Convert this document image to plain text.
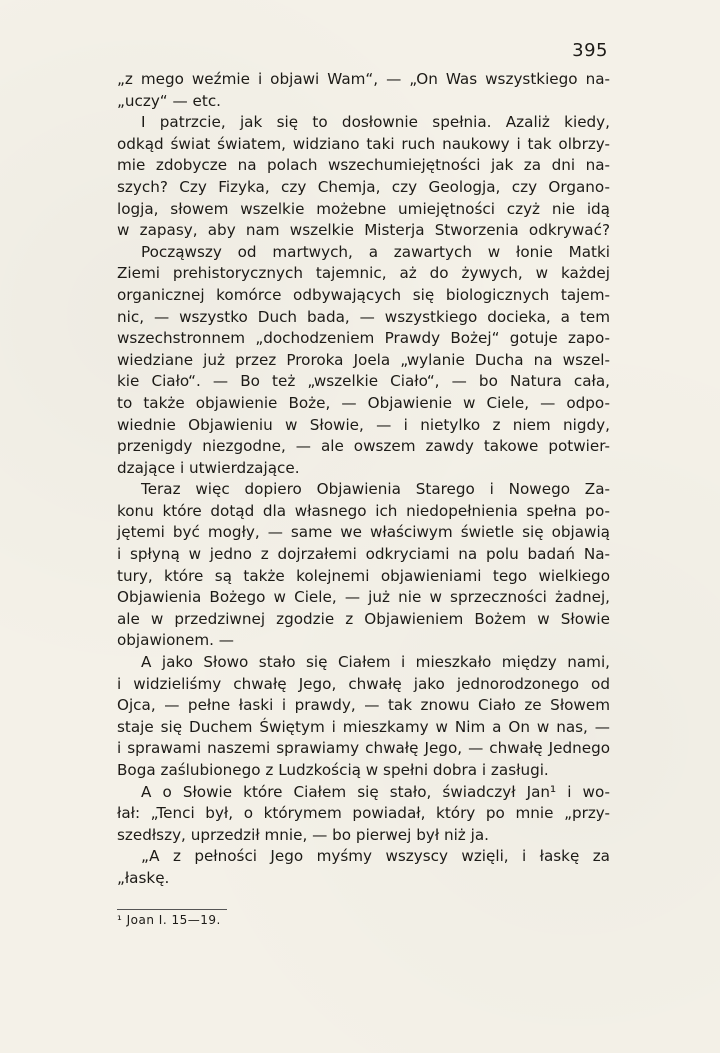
395
„z mego weźmie i objawi Wam“, — „On Was wszystkiego na-
„uczy“ — etc.
I patrzcie, jak się to dosłownie spełnia. Azaliż kiedy,
odkąd świat światem, widziano taki ruch naukowy i tak olbrzy-
mie zdobycze na polach wszechumiejętności jak za dni na-
szych? Czy Fizyka, czy Chemja, czy Geologja, czy Organo-
logja, słowem wszelkie możebne umiejętności czyż nie idą
w zapasy, aby nam wszelkie Misterja Stworzenia odkrywać?
Począwszy od martwych, a zawartych w łonie Matki
Ziemi prehistorycznych tajemnic, aż do żywych, w każdej
organicznej komórce odbywających się biologicznych tajem-
nic, — wszystko Duch bada, — wszystkiego docieka, a tem
wszechstronnem „dochodzeniem Prawdy Bożej“ gotuje zapo-
wiedziane już przez Proroka Joela „wylanie Ducha na wszel-
kie Ciało“. — Bo też „wszelkie Ciało“, — bo Natura cała,
to także objawienie Boże, — Objawienie w Ciele, — odpo-
wiednie Objawieniu w Słowie, — i nietylko z niem nigdy,
przenigdy niezgodne, — ale owszem zawdy takowe potwier-
dzające i utwierdzające.
Teraz więc dopiero Objawienia Starego i Nowego Za-
konu które dotąd dla własnego ich niedopełnienia spełna po-
jętemi być mogły, — same we właściwym świetle się objawią
i spłyną w jedno z dojrzałemi odkryciami na polu badań Na-
tury, które są także kolejnemi objawieniami tego wielkiego
Objawienia Bożego w Ciele, — już nie w sprzeczności żadnej,
ale w przedziwnej zgodzie z Objawieniem Bożem w Słowie
objawionem. —
A jako Słowo stało się Ciałem i mieszkało między nami,
i widzieliśmy chwałę Jego, chwałę jako jednorodzonego od
Ojca, — pełne łaski i prawdy, — tak znowu Ciało ze Słowem
staje się Duchem Świętym i mieszkamy w Nim a On w nas, —
i sprawami naszemi sprawiamy chwałę Jego, — chwałę Jednego
Boga zaślubionego z Ludzkością w spełni dobra i zasługi.
A o Słowie które Ciałem się stało, świadczył Jan¹ i wo-
łał: „Tenci był, o którymem powiadał, który po mnie „przy-
szedłszy, uprzedził mnie, — bo pierwej był niż ja.
„A z pełności Jego myśmy wszyscy wzięli, i łaskę za
„łaskę.
¹ Joan I. 15—19.
